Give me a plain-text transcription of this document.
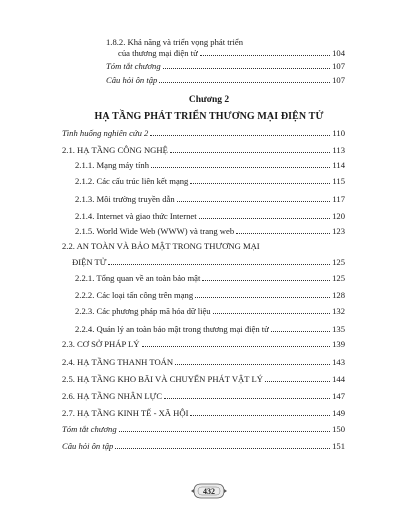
1.8.2. Khả năng và triển vọng phát triển
của thương mại điện tử	104
Tóm tắt chương	107
Câu hỏi ôn tập	107
Chương 2
HẠ TẦNG PHÁT TRIỂN THƯƠNG MẠI ĐIỆN TỬ
Tình huống nghiên cứu 2	110
2.1. HẠ TẦNG CÔNG NGHỆ	113
2.1.1. Mạng máy tính	114
2.1.2. Các cấu trúc liên kết mạng	115
2.1.3. Môi trường truyền dẫn	117
2.1.4. Internet và giao thức Internet	120
2.1.5. World Wide Web (WWW) và trang web	123
2.2. AN TOÀN VÀ BẢO MẬT TRONG THƯƠNG MẠI
ĐIỆN TỬ	125
2.2.1. Tổng quan về an toàn bảo mật	125
2.2.2. Các loại tấn công trên mạng	128
2.2.3. Các phương pháp mã hóa dữ liệu	132
2.2.4. Quản lý an toàn bảo mật trong thương mại điện tử	135
2.3. CƠ SỞ PHÁP LÝ	139
2.4. HẠ TẦNG THANH TOÁN	143
2.5. HẠ TẦNG KHO BÃI VÀ CHUYỂN PHÁT VẬT LÝ	144
2.6. HẠ TẦNG NHÂN LỰC	147
2.7. HẠ TẦNG KINH TẾ - XÃ HỘI	149
Tóm tắt chương	150
Câu hỏi ôn tập	151
432
